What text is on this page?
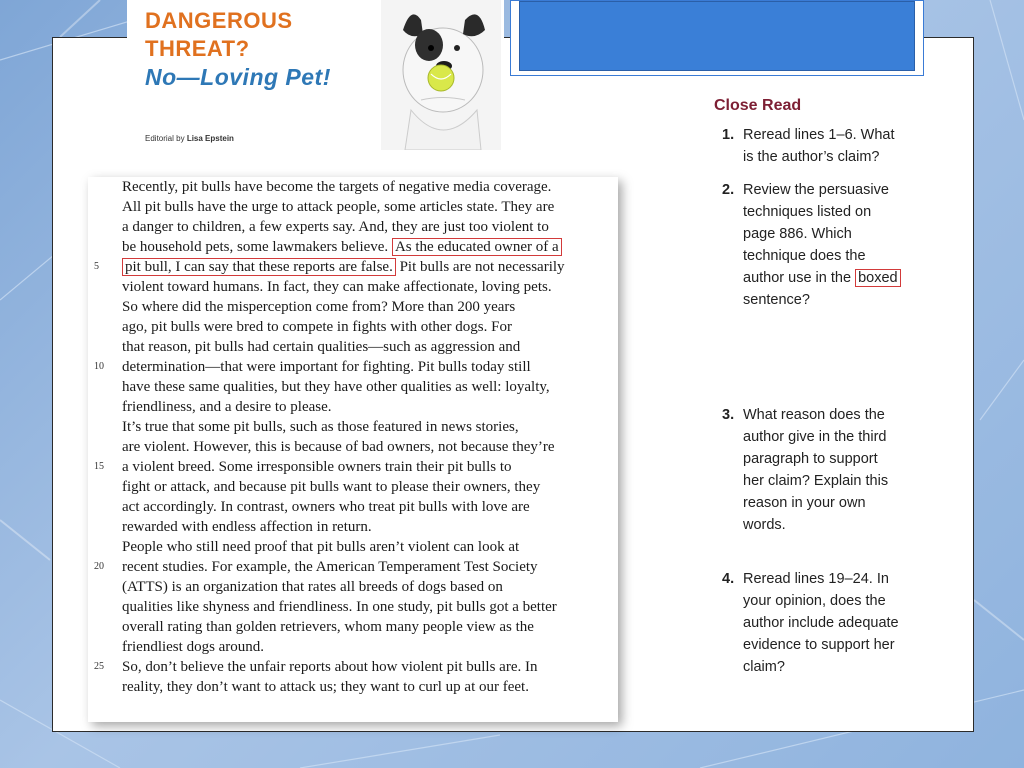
DANGEROUS
THREAT?
No—Loving Pet!
Editorial by Lisa Epstein
Recently, pit bulls have become the targets of negative media coverage.
All pit bulls have the urge to attack people, some articles state. They are
a danger to children, a few experts say. And, they are just too violent to
be household pets, some lawmakers believe. As the educated owner of a
5 pit bull, I can say that these reports are false. Pit bulls are not necessarily
violent toward humans. In fact, they can make affectionate, loving pets.
So where did the misperception come from? More than 200 years
ago, pit bulls were bred to compete in fights with other dogs. For
that reason, pit bulls had certain qualities—such as aggression and
10 determination—that were important for fighting. Pit bulls today still
have these same qualities, but they have other qualities as well: loyalty,
friendliness, and a desire to please.
It’s true that some pit bulls, such as those featured in news stories,
are violent. However, this is because of bad owners, not because they’re
15 a violent breed. Some irresponsible owners train their pit bulls to
fight or attack, and because pit bulls want to please their owners, they
act accordingly. In contrast, owners who treat pit bulls with love are
rewarded with endless affection in return.
People who still need proof that pit bulls aren’t violent can look at
20 recent studies. For example, the American Temperament Test Society
(ATTS) is an organization that rates all breeds of dogs based on
qualities like shyness and friendliness. In one study, pit bulls got a better
overall rating than golden retrievers, whom many people view as the
friendliest dogs around.
25 So, don’t believe the unfair reports about how violent pit bulls are. In
reality, they don’t want to attack us; they want to curl up at our feet.
Close Read
1. Reread lines 1–6. What
is the author’s claim?
2. Review the persuasive
techniques listed on
page 886. Which
technique does the
author use in the boxed
sentence?
3. What reason does the
author give in the third
paragraph to support
her claim? Explain this
reason in your own
words.
4. Reread lines 19–24. In
your opinion, does the
author include adequate
evidence to support her
claim?
